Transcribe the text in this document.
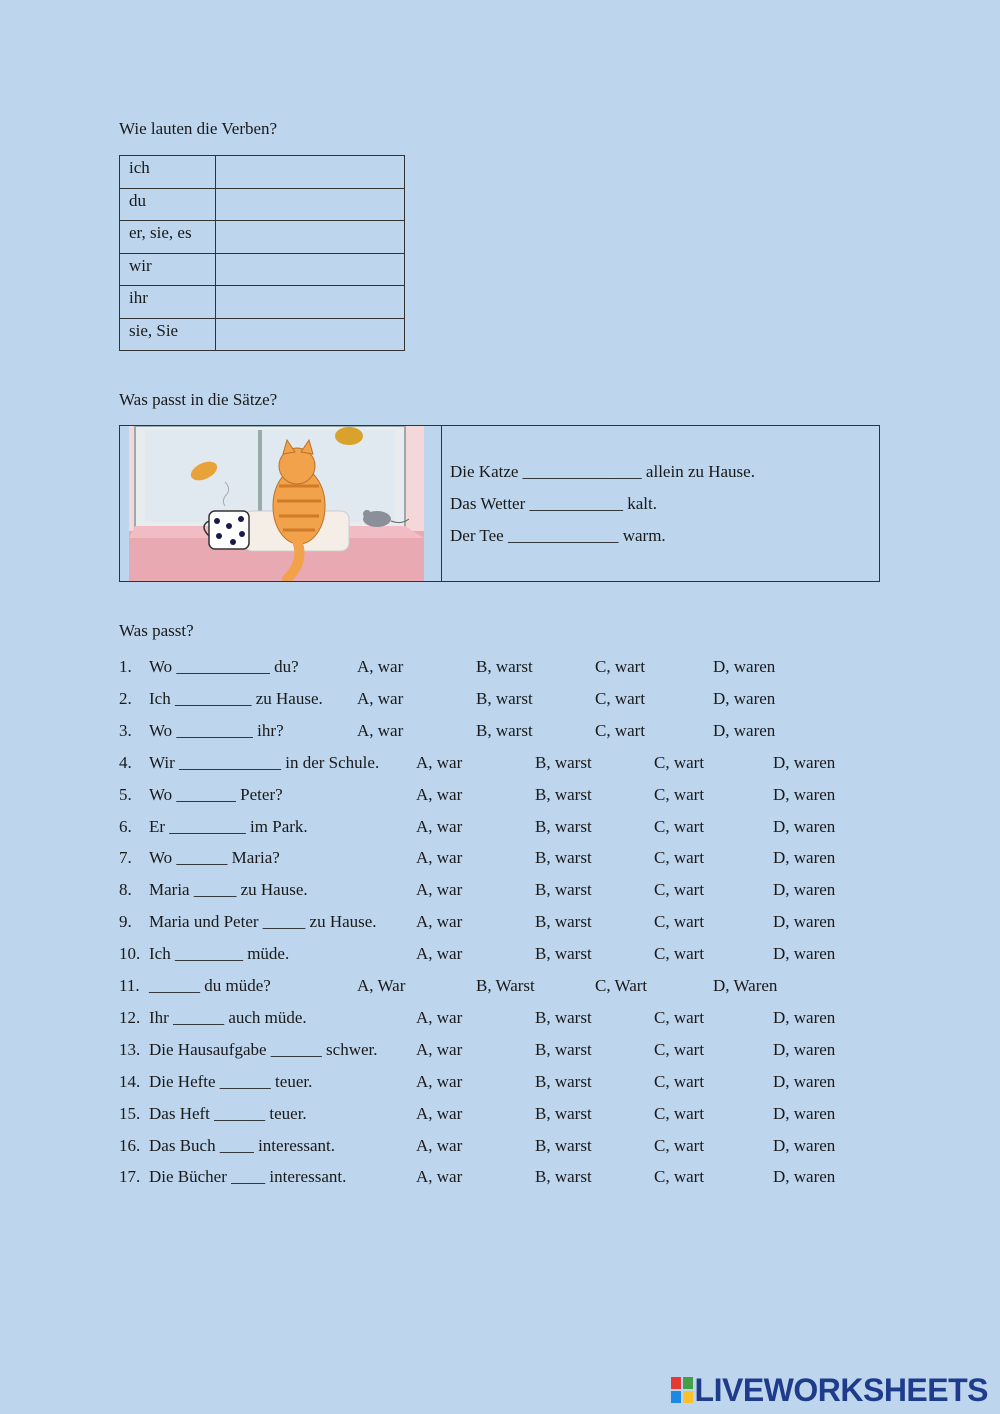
Wie lauten die Verben?
ich	
du	
er, sie, es	
wir	
ihr	
sie, Sie	
Was passt in die Sätze?
Die Katze ______________ allein zu Hause.
Das Wetter ___________ kalt.
Der Tee _____________ warm.
Was passt?
1. Wo ___________ du?	A, war	B, warst	C, wart	D, waren
2. Ich _________ zu Hause. A, war	B, warst	C, wart	D, waren
3. Wo _________ ihr?	A, war	B, warst	C, wart	D, waren
4. Wir ____________ in der Schule. A, war	B, warst	C, wart	D, waren
5. Wo _______ Peter?	A, war	B, warst	C, wart	D, waren
6. Er _________ im Park.	A, war	B, warst	C, wart	D, waren
7. Wo ______ Maria?	A, war	B, warst	C, wart	D, waren
8. Maria _____ zu Hause.	A, war	B, warst	C, wart	D, waren
9. Maria und Peter _____ zu Hause. A, war	B, warst	C, wart	D, waren
10. Ich ________ müde.	A, war	B, warst	C, wart	D, waren
11. ______ du müde?	A, War	B, Warst	C, Wart	D, Waren
12. Ihr ______ auch müde.	A, war	B, warst	C, wart	D, waren
13. Die Hausaufgabe ______ schwer. A, war	B, warst	C, wart	D, waren
14. Die Hefte ______ teuer.	A, war	B, warst	C, wart	D, waren
15. Das Heft ______ teuer.	A, war	B, warst	C, wart	D, waren
16. Das Buch ____ interessant.	A, war	B, warst	C, wart	D, waren
17. Die Bücher ____ interessant.	A, war	B, warst	C, wart	D, waren
LIVEWORKSHEETS
